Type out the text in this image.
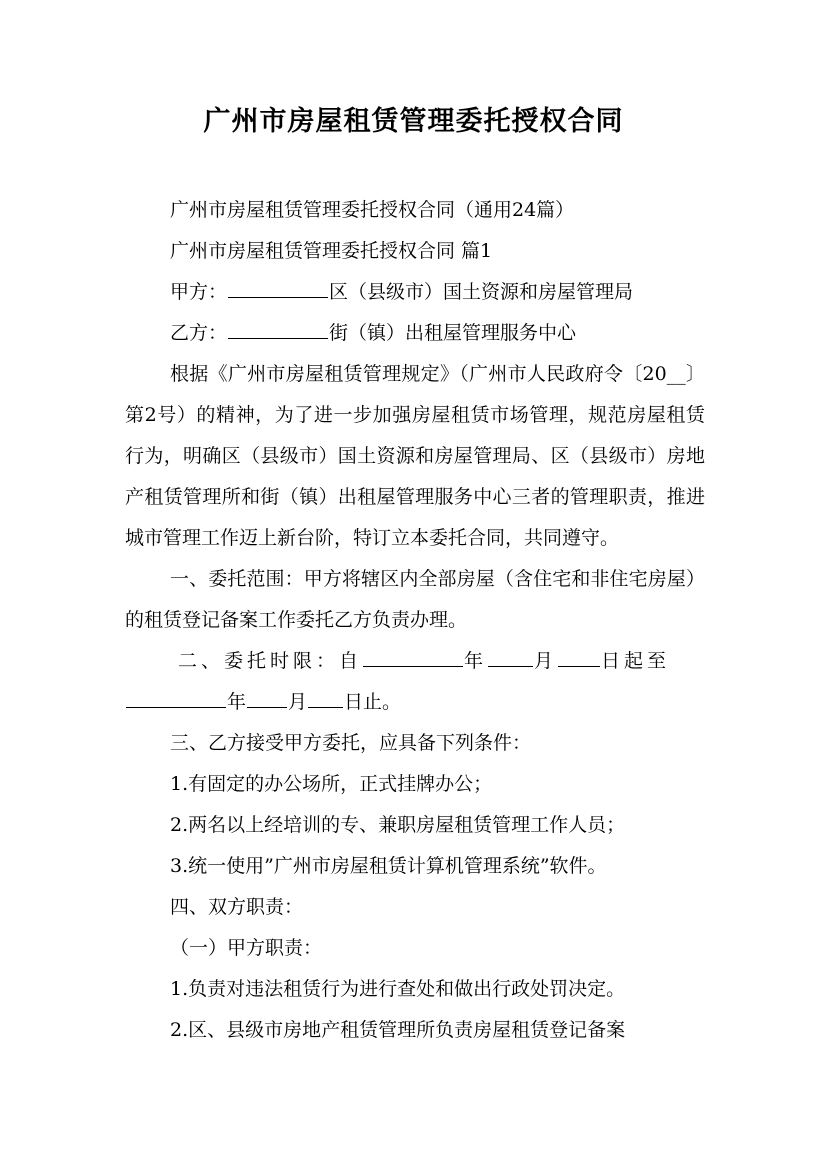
广州市房屋租赁管理委托授权合同

广州市房屋租赁管理委托授权合同（通用24篇）

广州市房屋租赁管理委托授权合同 篇1

甲方：	区（县级市）国土资源和房屋管理局

乙方：	街（镇）出租屋管理服务中心

根据《广州市房屋租赁管理规定》（广州市人民政府令〔20__〕第2号）的精神，为了进一步加强房屋租赁市场管理，规范房屋租赁行为，明确区（县级市）国土资源和房屋管理局、区（县级市）房地产租赁管理所和街（镇）出租屋管理服务中心三者的管理职责，推进城市管理工作迈上新台阶，特订立本委托合同，共同遵守。

一、委托范围：甲方将辖区内全部房屋（含住宅和非住宅房屋）的租赁登记备案工作委托乙方负责办理。

二、委托时限：自	年 月 日起至
年 月 日止。

三、乙方接受甲方委托，应具备下列条件：

1.有固定的办公场所，正式挂牌办公；

2.两名以上经培训的专、兼职房屋租赁管理工作人员；

3.统一使用”广州市房屋租赁计算机管理系统”软件。

四、双方职责：

（一）甲方职责：

1.负责对违法租赁行为进行查处和做出行政处罚决定。

2.区、县级市房地产租赁管理所负责房屋租赁登记备案
